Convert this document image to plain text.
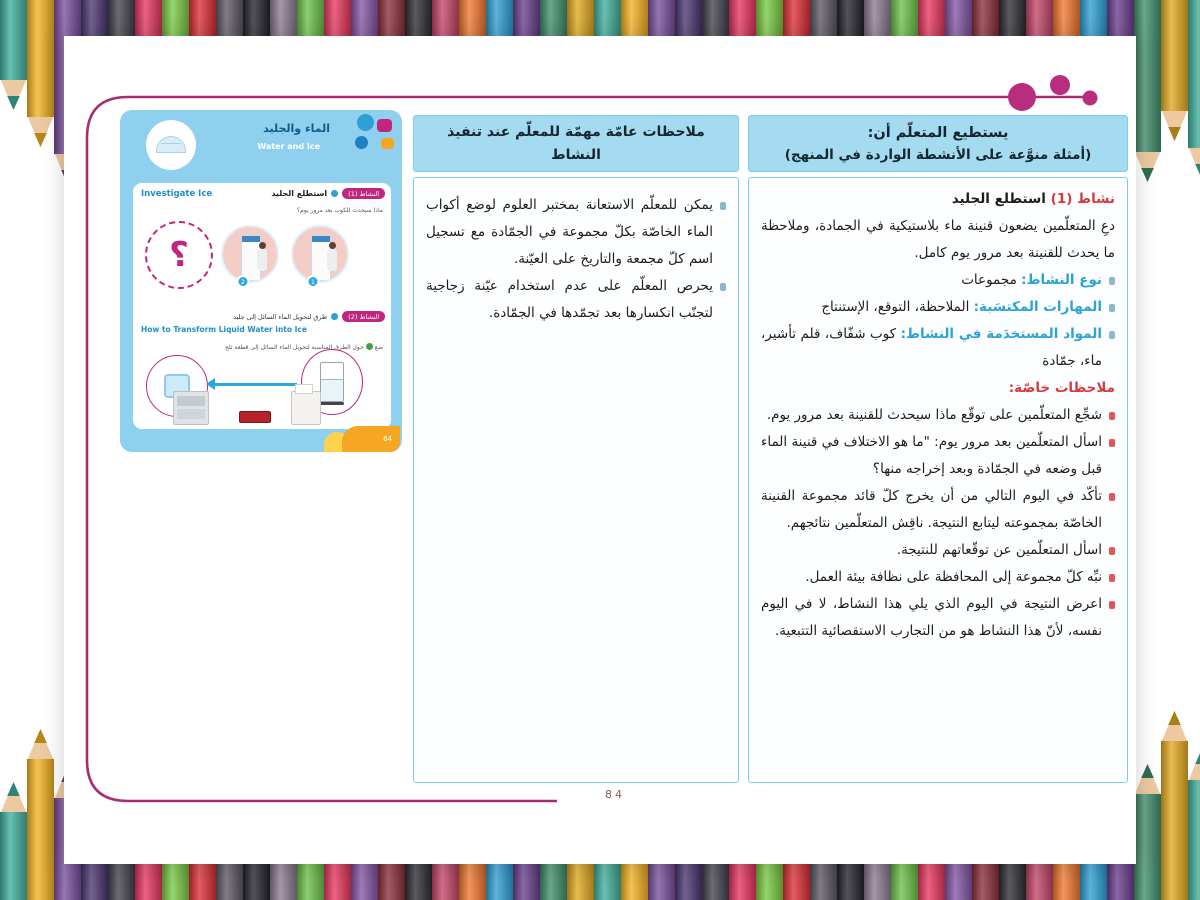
الماء والجليد
Water and Ice
Investigate Ice	النشاط (1)
استطلع الجليد
ماذا سيحدث للكوب بعد مرور يوم؟
؟
2	1
النشاط (2)
طرق لتحويل الماء السائل إلى جليد
How to Transform Liquid Water into Ice
ضعحول الطرق المناسبة لتحويل الماء السائل إلى قطعة ثلج
64
ملاحظات عامّة مهمّة للمعلّم عند تنفيذ النشاط
يستطيع المتعلّم أن:
(أمثلة منوَّعة على الأنشطة الواردة في المنهج)
يمكن للمعلّم الاستعانة بمختبر العلوم لوضع أكواب الماء الخاصّة بكلّ مجموعة في الجمّادة مع تسجيل اسم كلّ مجمعة والتاريخ على العيّنة.
يحرص المعلّم على عدم استخدام عيّنة زجاجية لتجنّب انكسارها بعد تجمّدها في الجمّادة.
نشاط (1) استطلع الجليد

دعِ المتعلّمين يضعون قنينة ماء بلاستيكية في الجمادة، وملاحظة ما يحدث للقنينة بعد مرور يوم كامل.

نوع النشاط: مجموعات
المهارات المكتسَبة: الملاحظة، التوقع، الإستنتاج
المواد المستخدَمة في النشاط: كوب شفّاف، قلم تأشير، ماء، جمّادة
ملاحظات خاصّة:
شجِّع المتعلّمين على توقّع ماذا سيحدث للقنينة بعد مرور يوم.
اسأل المتعلّمين بعد مرور يوم: "ما هو الاختلاف في قنينة الماء قبل وضعه في الجمّادة وبعد إخراجه منها؟
تأكّد في اليوم التالي من أن يخرج كلّ قائد مجموعة القنينة الخاصّة بمجموعته ليتابع النتيجة. ناقِش المتعلّمين نتائجهم.
اسأل المتعلّمين عن توقّعاتهم للنتيجة.
نبِّه كلّ مجموعة إلى المحافظة على نظافة بيئة العمل.
اعرض النتيجة في اليوم الذي يلي هذا النشاط، لا في اليوم نفسه، لأنّ هذا النشاط هو من التجارب الاستقصائية التتبعية.
84
